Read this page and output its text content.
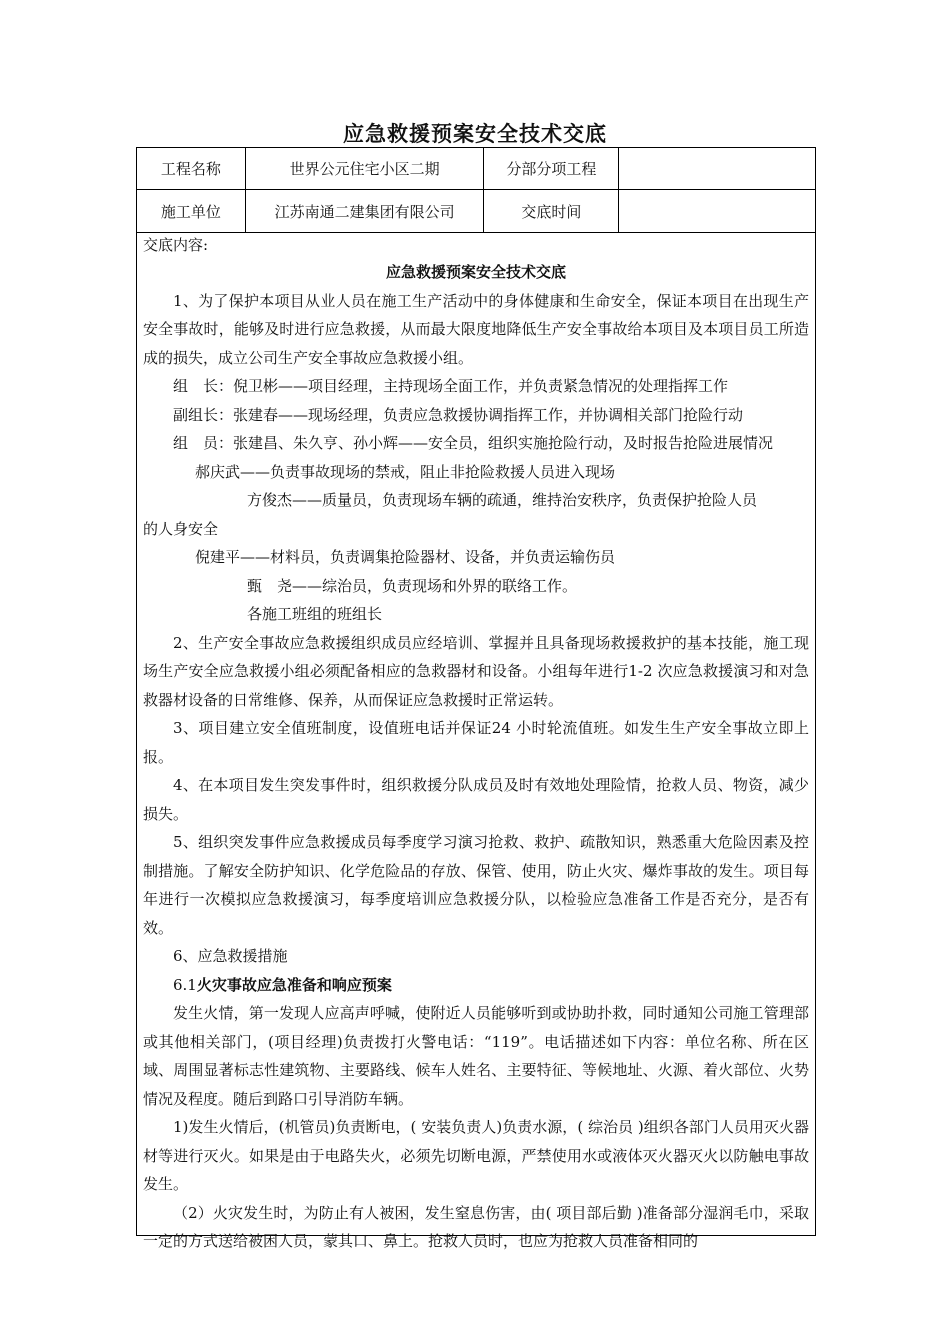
应急救援预案安全技术交底
工程名称	世界公元住宅小区二期	分部分项工程	
施工单位	江苏南通二建集团有限公司	交底时间	

交底内容:

应急救援预案安全技术交底

1、为了保护本项目从业人员在施工生产活动中的身体健康和生命安全，保证本项目在出现生产安全事故时，能够及时进行应急救援，从而最大限度地降低生产安全事故给本项目及本项目员工所造成的损失，成立公司生产安全事故应急救援小组。

组　长：倪卫彬——项目经理，主持现场全面工作，并负责紧急情况的处理指挥工作

副组长：张建春——现场经理，负责应急救援协调指挥工作，并协调相关部门抢险行动

组　员：张建昌、朱久亨、孙小辉——安全员，组织实施抢险行动，及时报告抢险进展情况

郝庆武——负责事故现场的禁戒，阻止非抢险救援人员进入现场

方俊杰——质量员，负责现场车辆的疏通，维持治安秩序，负责保护抢险人员

的人身安全

倪建平——材料员，负责调集抢险器材、设备，并负责运输伤员

甄　尧——综治员，负责现场和外界的联络工作。

各施工班组的班组长

2、生产安全事故应急救援组织成员应经培训、掌握并且具备现场救援救护的基本技能，施工现场生产安全应急救援小组必须配备相应的急救器材和设备。小组每年进行1-2 次应急救援演习和对急救器材设备的日常维修、保养，从而保证应急救援时正常运转。

3、项目建立安全值班制度，设值班电话并保证24 小时轮流值班。如发生生产安全事故立即上报。

4、在本项目发生突发事件时，组织救援分队成员及时有效地处理险情，抢救人员、物资，减少损失。

5、组织突发事件应急救援成员每季度学习演习抢救、救护、疏散知识，熟悉重大危险因素及控制措施。了解安全防护知识、化学危险品的存放、保管、使用，防止火灾、爆炸事故的发生。项目每年进行一次模拟应急救援演习，每季度培训应急救援分队，以检验应急准备工作是否充分，是否有效。

6、应急救援措施

6.1火灾事故应急准备和响应预案

发生火情，第一发现人应高声呼喊，使附近人员能够听到或协助扑救，同时通知公司施工管理部或其他相关部门，(项目经理)负责拨打火警电话：“119”。电话描述如下内容：单位名称、所在区域、周围显著标志性建筑物、主要路线、候车人姓名、主要特征、等候地址、火源、着火部位、火势情况及程度。随后到路口引导消防车辆。

1)发生火情后，(机管员)负责断电，( 安装负责人)负责水源，( 综治员 )组织各部门人员用灭火器材等进行灭火。如果是由于电路失火，必须先切断电源，严禁使用水或液体灭火器灭火以防触电事故发生。

（2）火灾发生时，为防止有人被困，发生窒息伤害，由( 项目部后勤 )准备部分湿润毛巾，采取一定的方式送给被困人员，蒙其口、鼻上。抢救人员时，也应为抢救人员准备相同的
